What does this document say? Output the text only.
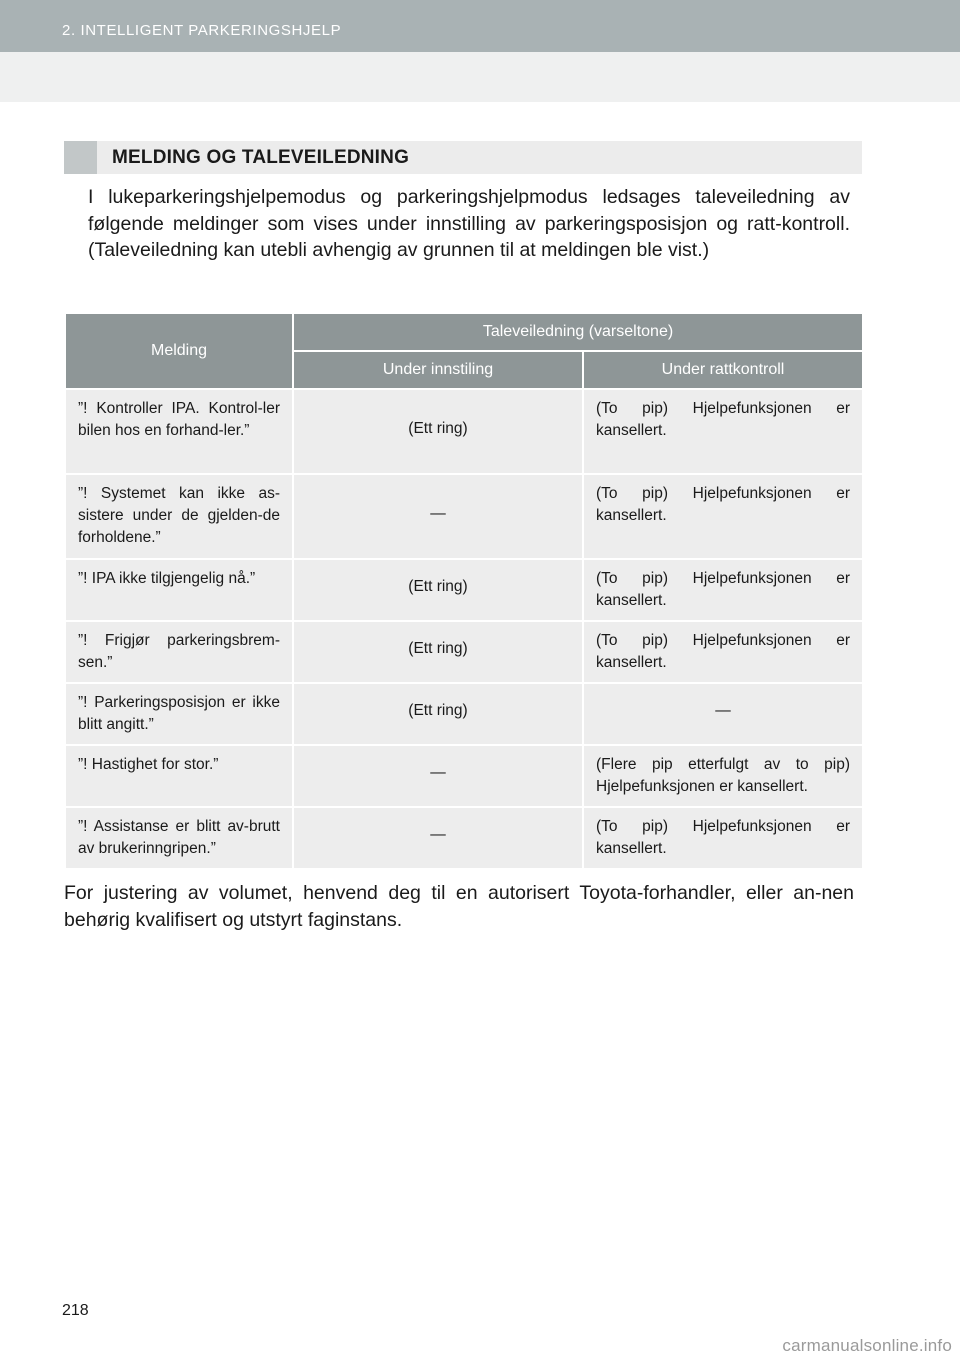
2. INTELLIGENT PARKERINGSHJELP
MELDING OG TALEVEILEDNING

I lukeparkeringshjelpemodus og parkeringshjelpmodus ledsages taleveiledning av følgende meldinger som vises under innstilling av parkeringsposisjon og ratt-kontroll. (Taleveiledning kan utebli avhengig av grunnen til at meldingen ble vist.)

Melding	Taleveiledning (varseltone)	
	Under innstiling	Under rattkontroll
”! Kontroller IPA. Kontrol-ler bilen hos en forhand-ler.”	(Ett ring)	(To pip) Hjelpefunksjonen er kansellert.
”! Systemet kan ikke as-sistere under de gjelden-de forholdene.”	—	(To pip) Hjelpefunksjonen er kansellert.
”! IPA ikke tilgjengelig nå.”	(Ett ring)	(To pip) Hjelpefunksjonen er kansellert.
”! Frigjør parkeringsbrem-sen.”	(Ett ring)	(To pip) Hjelpefunksjonen er kansellert.
”! Parkeringsposisjon er ikke blitt angitt.”	(Ett ring)	—
”! Hastighet for stor.”	—	(Flere pip etterfulgt av to pip) Hjelpefunksjonen er kansellert.
”! Assistanse er blitt av-brutt av brukerinngripen.”	—	(To pip) Hjelpefunksjonen er kansellert.

For justering av volumet, henvend deg til en autorisert Toyota-forhandler, eller an-nen behørig kvalifisert og utstyrt faginstans.

218
carmanualsonline.info
